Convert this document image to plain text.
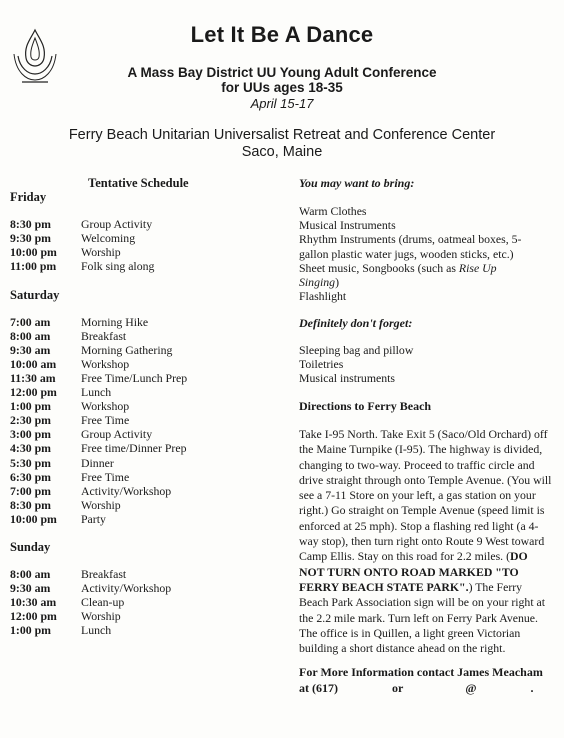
Let It Be A Dance
A Mass Bay District UU Young Adult Conference
for UUs ages 18-35
April 15-17
Ferry Beach Unitarian Universalist Retreat and Conference Center
Saco, Maine
Tentative Schedule
Friday
8:30 pm	Group Activity
9:30 pm	Welcoming
10:00 pm Worship
11:00 pm Folk sing along
Saturday
7:00 am	Morning Hike
8:00 am	Breakfast
9:30 am	Morning Gathering
10:00 am Workshop
11:30 am Free Time/Lunch Prep
12:00 pm Lunch
1:00 pm	Workshop
2:30 pm	Free Time
3:00 pm	Group Activity
4:30 pm	Free time/Dinner Prep
5:30 pm	Dinner
6:30 pm	Free Time
7:00 pm	Activity/Workshop
8:30 pm	Worship
10:00 pm Party
Sunday
8:00 am	Breakfast
9:30 am	Activity/Workshop
10:30 am Clean-up
12:00 pm Worship
1:00 pm	Lunch
You may want to bring:
Warm Clothes
Musical Instruments
Rhythm Instruments (drums, oatmeal boxes, 5-
gallon plastic water jugs, wooden sticks, etc.)
Sheet music, Songbooks (such as Rise Up
Singing)
Flashlight
Definitely don't forget:
Sleeping bag and pillow
Toiletries
Musical instruments
Directions to Ferry Beach
Take I-95 North. Take Exit 5 (Saco/Old Orchard) off the Maine Turnpike (I-95). The highway is divided, changing to two-way. Proceed to traffic circle and drive straight through onto Temple Avenue. (You will see a 7-11 Store on your left, a gas station on your right.) Go straight on Temple Avenue (speed limit is enforced at 25 mph). Stop a flashing red light (a 4-way stop), then turn right onto Route 9 West toward Camp Ellis. Stay on this road for 2.2 miles. (DO NOT TURN ONTO ROAD MARKED "TO FERRY BEACH STATE PARK".) The Ferry Beach Park Association sign will be on your right at the 2.2 mile mark. Turn left on Ferry Park Avenue. The office is in Quillen, a light green Victorian building a short distance ahead on the right.
For More Information contact James Meacham
at (617)	or	@	.
